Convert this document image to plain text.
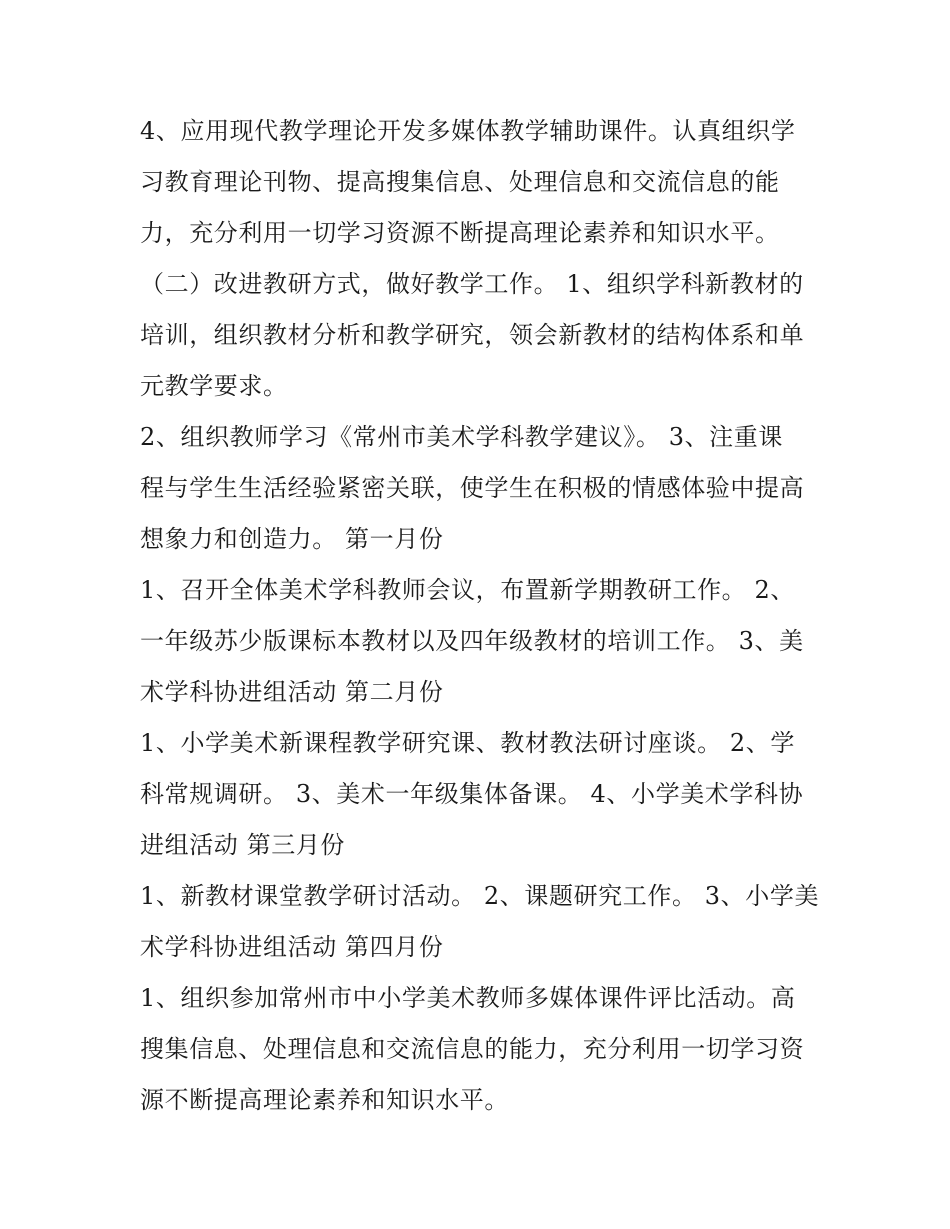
4、应用现代教学理论开发多媒体教学辅助课件。认真组织学
习教育理论刊物、提高搜集信息、处理信息和交流信息的能
力，充分利用一切学习资源不断提高理论素养和知识水平。
（二）改进教研方式，做好教学工作。 1、组织学科新教材的
培训，组织教材分析和教学研究，领会新教材的结构体系和单
元教学要求。
2、组织教师学习《常州市美术学科教学建议》。 3、注重课
程与学生生活经验紧密关联，使学生在积极的情感体验中提高
想象力和创造力。 第一月份
1、召开全体美术学科教师会议，布置新学期教研工作。 2、
一年级苏少版课标本教材以及四年级教材的培训工作。 3、美
术学科协进组活动 第二月份
1、小学美术新课程教学研究课、教材教法研讨座谈。 2、学
科常规调研。 3、美术一年级集体备课。 4、小学美术学科协
进组活动 第三月份
1、新教材课堂教学研讨活动。 2、课题研究工作。 3、小学美
术学科协进组活动 第四月份
1、组织参加常州市中小学美术教师多媒体课件评比活动。高
搜集信息、处理信息和交流信息的能力，充分利用一切学习资
源不断提高理论素养和知识水平。
